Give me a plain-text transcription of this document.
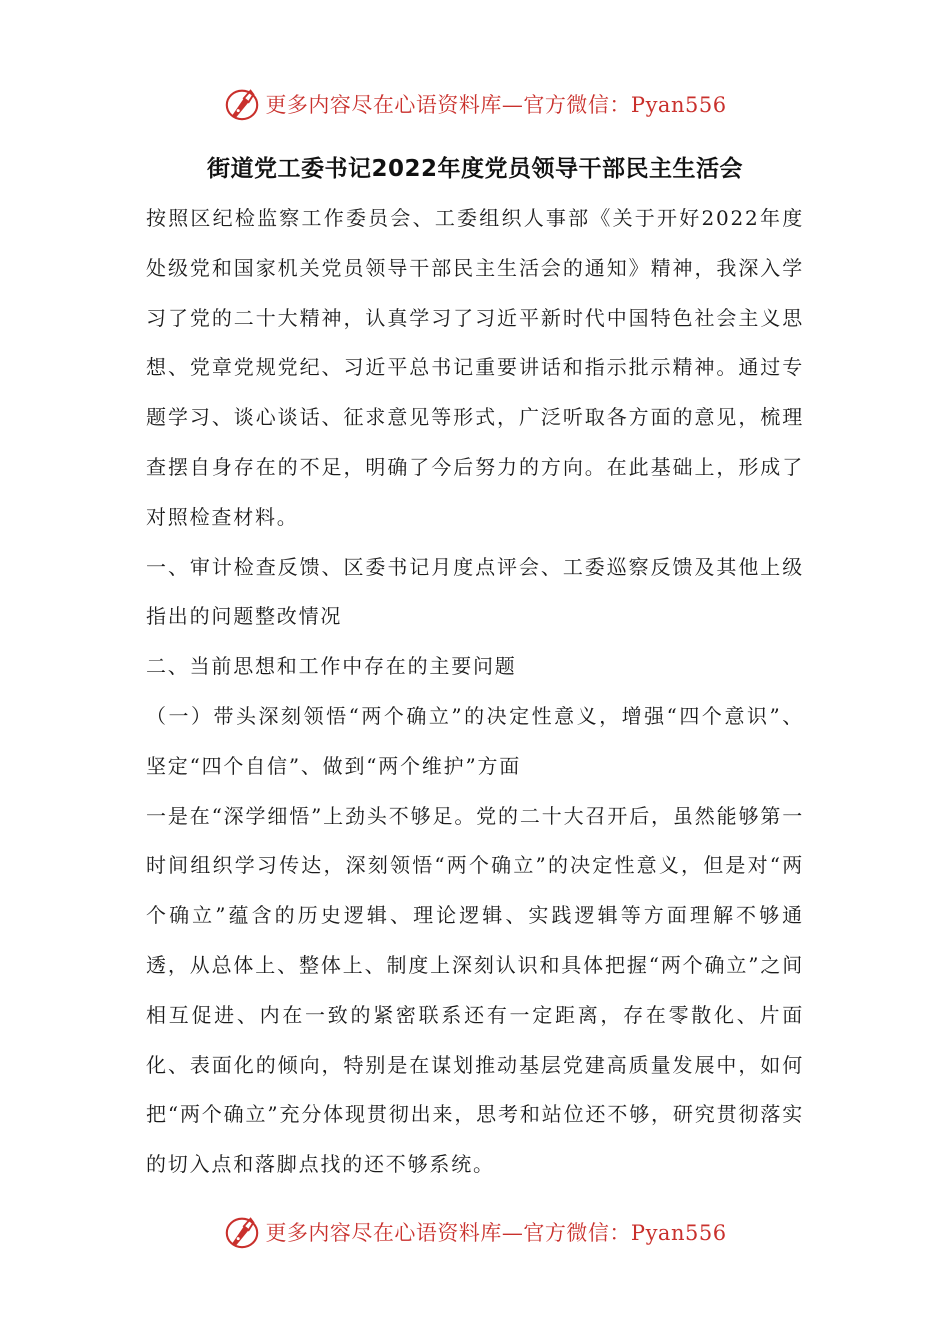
更多内容尽在心语资料库—官方微信：Pyan556
街道党工委书记2022年度党员领导干部民主生活会

按照区纪检监察工作委员会、工委组织人事部《关于开好2022年度处级党和国家机关党员领导干部民主生活会的通知》精神，我深入学习了党的二十大精神，认真学习了习近平新时代中国特色社会主义思想、党章党规党纪、习近平总书记重要讲话和指示批示精神。通过专题学习、谈心谈话、征求意见等形式，广泛听取各方面的意见，梳理查摆自身存在的不足，明确了今后努力的方向。在此基础上，形成了对照检查材料。

一、审计检查反馈、区委书记月度点评会、工委巡察反馈及其他上级指出的问题整改情况

二、当前思想和工作中存在的主要问题

（一）带头深刻领悟“两个确立”的决定性意义，增强“四个意识”、坚定“四个自信”、做到“两个维护”方面

一是在“深学细悟”上劲头不够足。党的二十大召开后，虽然能够第一时间组织学习传达，深刻领悟“两个确立”的决定性意义，但是对“两个确立”蕴含的历史逻辑、理论逻辑、实践逻辑等方面理解不够通透，从总体上、整体上、制度上深刻认识和具体把握“两个确立”之间相互促进、内在一致的紧密联系还有一定距离，存在零散化、片面化、表面化的倾向，特别是在谋划推动基层党建高质量发展中，如何把“两个确立”充分体现贯彻出来，思考和站位还不够，研究贯彻落实的切入点和落脚点找的还不够系统。

更多内容尽在心语资料库—官方微信：Pyan556
